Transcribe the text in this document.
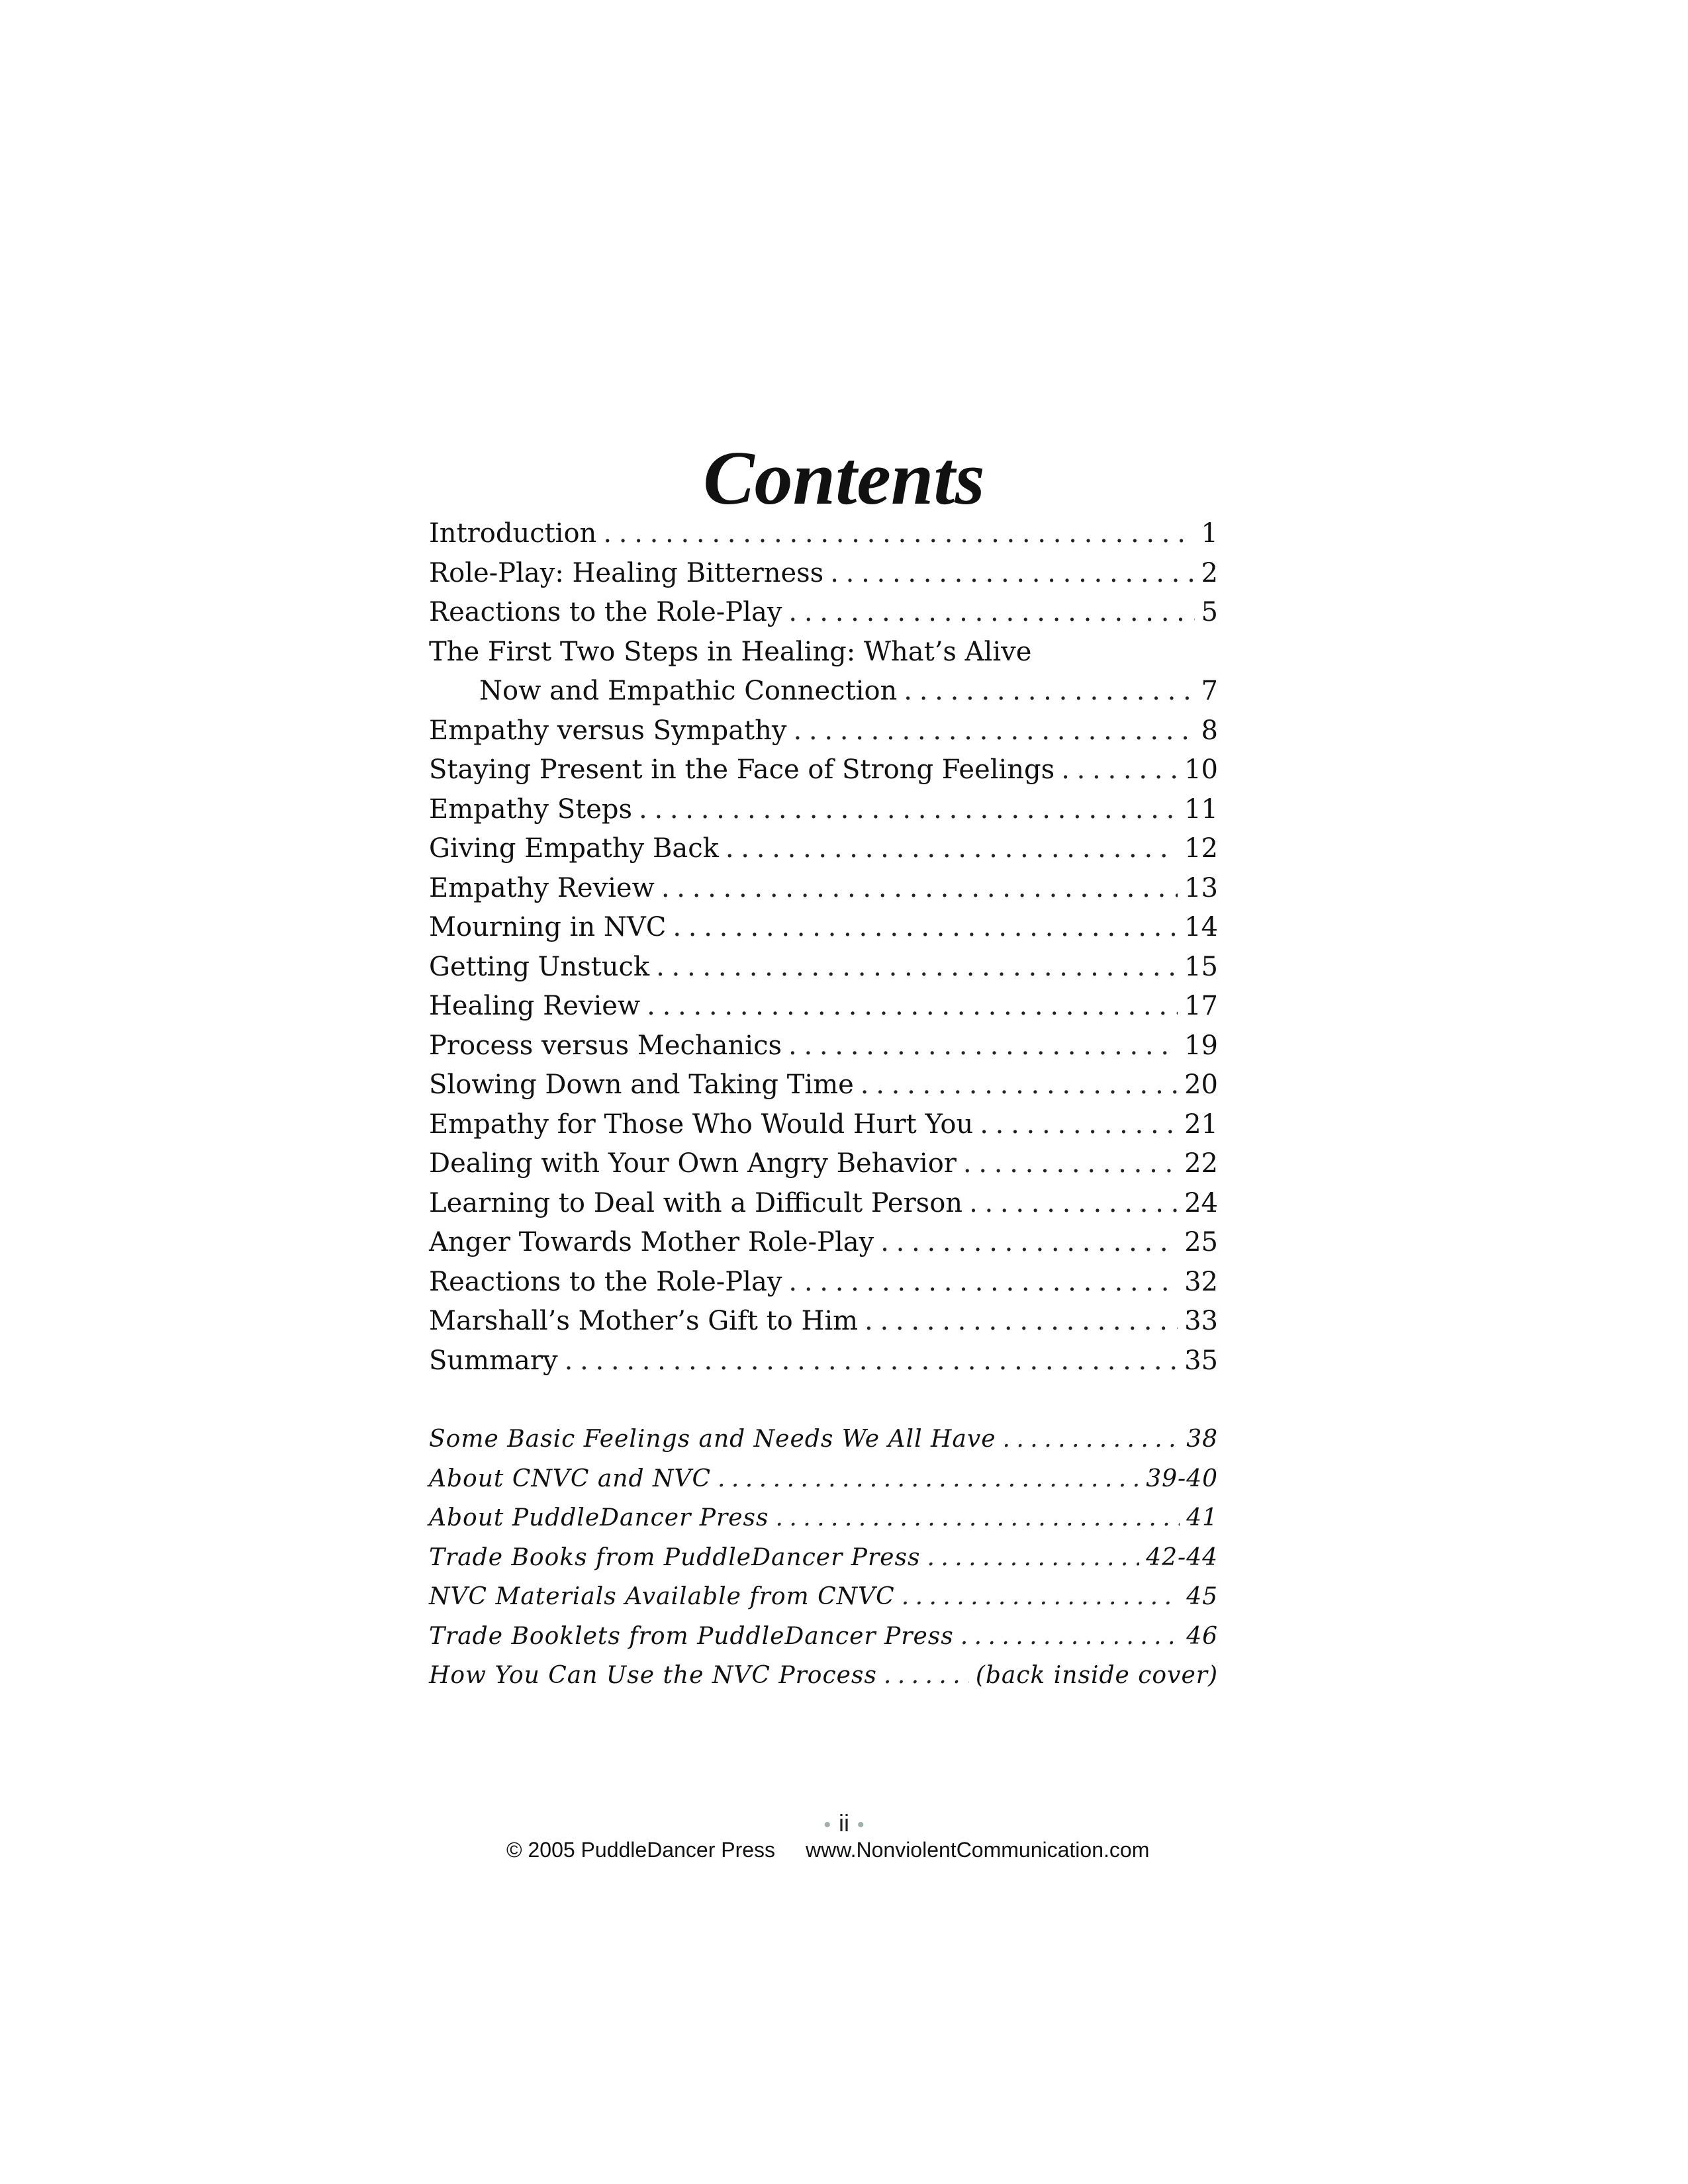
Contents
Introduction . . .	1
Role-Play: Healing Bitterness . . .	2
Reactions to the Role-Play . . .	5
The First Two Steps in Healing: What’s Alive
Now and Empathic Connection . . .	7
Empathy versus Sympathy . . .	8
Staying Present in the Face of Strong Feelings . . .	10
Empathy Steps . . .	11
Giving Empathy Back . . .	12
Empathy Review . . .	13
Mourning in NVC . . .	14
Getting Unstuck . . .	15
Healing Review . . .	17
Process versus Mechanics . . .	19
Slowing Down and Taking Time . . .	20
Empathy for Those Who Would Hurt You . . .	21
Dealing with Your Own Angry Behavior . . .	22
Learning to Deal with a Difficult Person . . .	24
Anger Towards Mother Role-Play . . .	25
Reactions to the Role-Play . . .	32
Marshall’s Mother’s Gift to Him . . .	33
Summary . . .	35
Some Basic Feelings and Needs We All Have . . .	38
About CNVC and NVC . . .	39-40
About PuddleDancer Press . . .	41
Trade Books from PuddleDancer Press . . .	42-44
NVC Materials Available from CNVC . . .	45
Trade Booklets from PuddleDancer Press . . .	46
How You Can Use the NVC Process . . .	(back inside cover)
• ii •
© 2005 PuddleDancer Press www.NonviolentCommunication.com
